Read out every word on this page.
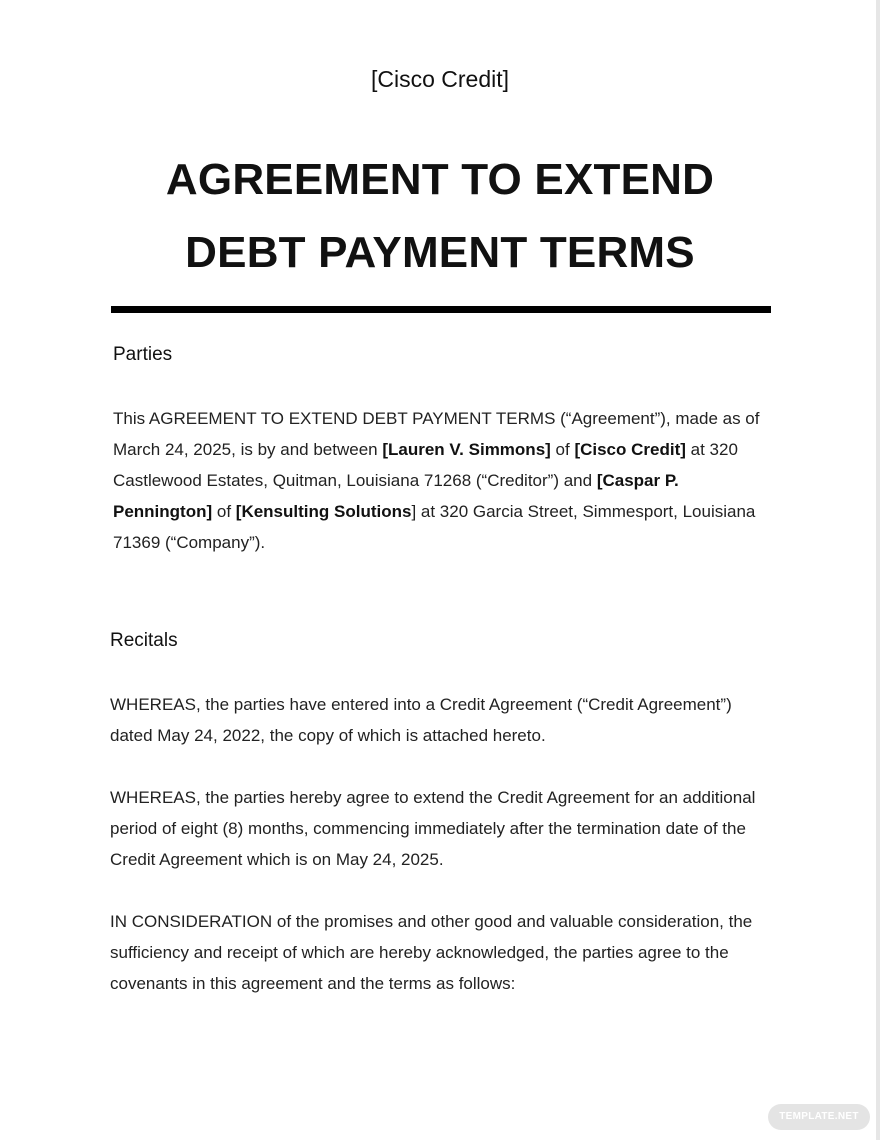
[Cisco Credit]
AGREEMENT TO EXTEND DEBT PAYMENT TERMS
Parties

This AGREEMENT TO EXTEND DEBT PAYMENT TERMS (“Agreement”), made as of March 24, 2025, is by and between [Lauren V. Simmons] of [Cisco Credit] at 320 Castlewood Estates, Quitman, Louisiana 71268 (“Creditor”) and [Caspar P. Pennington] of [Kensulting Solutions] at 320 Garcia Street, Simmesport, Louisiana 71369 (“Company”).

Recitals

WHEREAS, the parties have entered into a Credit Agreement (“Credit Agreement”) dated May 24, 2022, the copy of which is attached hereto.

WHEREAS, the parties hereby agree to extend the Credit Agreement for an additional period of eight (8) months, commencing immediately after the termination date of the Credit Agreement which is on May 24, 2025.

IN CONSIDERATION of the promises and other good and valuable consideration, the sufficiency and receipt of which are hereby acknowledged, the parties agree to the covenants in this agreement and the terms as follows:

TEMPLATE.NET
